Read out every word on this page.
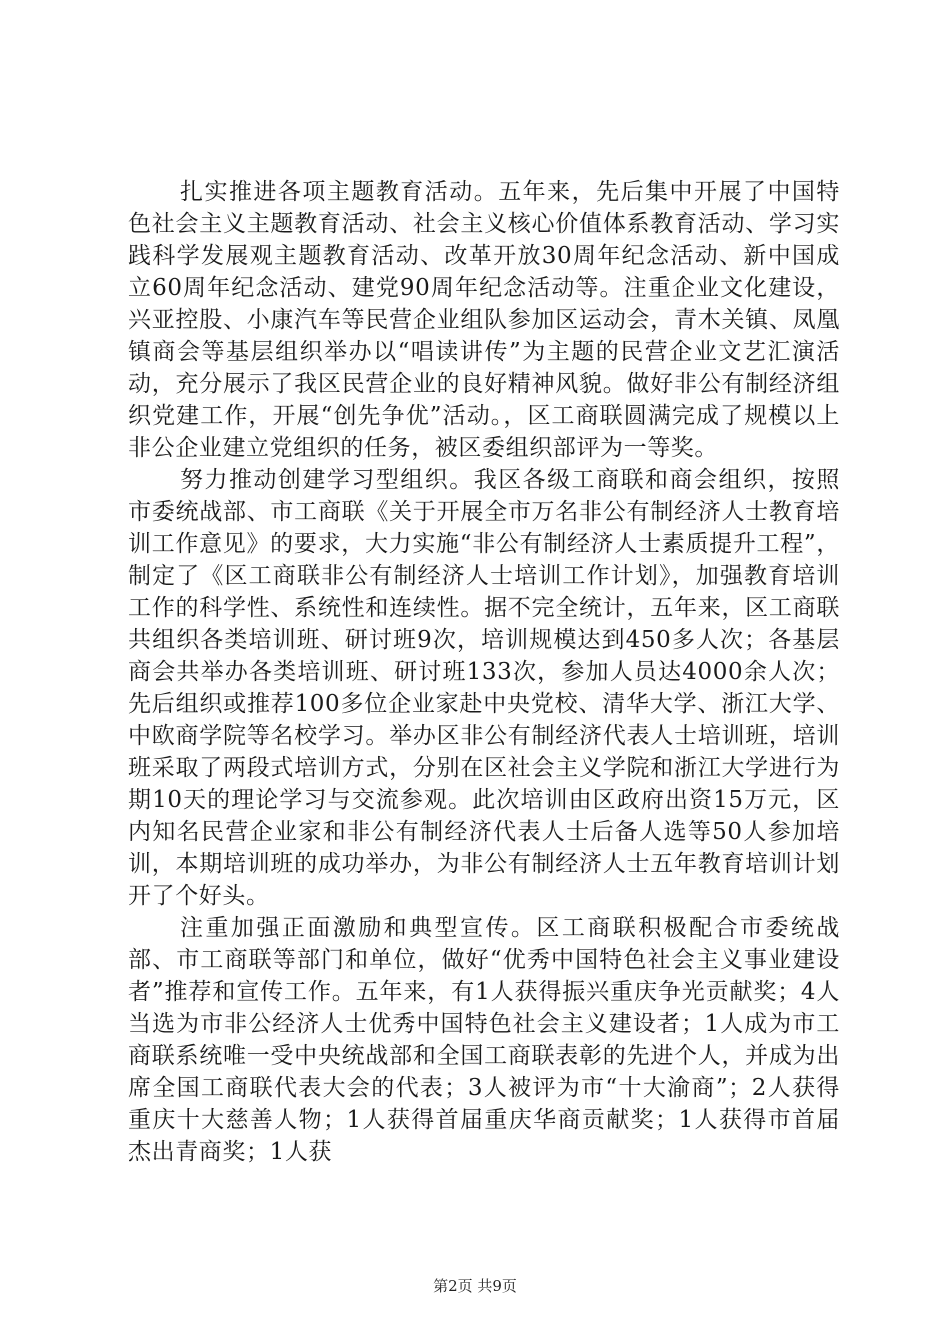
扎实推进各项主题教育活动。五年来，先后集中开展了中国特色社会主义主题教育活动、社会主义核心价值体系教育活动、学习实践科学发展观主题教育活动、改革开放30周年纪念活动、新中国成立60周年纪念活动、建党90周年纪念活动等。注重企业文化建设，兴亚控股、小康汽车等民营企业组队参加区运动会，青木关镇、凤凰镇商会等基层组织举办以“唱读讲传”为主题的民营企业文艺汇演活动，充分展示了我区民营企业的良好精神风貌。做好非公有制经济组织党建工作，开展“创先争优”活动。，区工商联圆满完成了规模以上非公企业建立党组织的任务，被区委组织部评为一等奖。

努力推动创建学习型组织。我区各级工商联和商会组织，按照市委统战部、市工商联《关于开展全市万名非公有制经济人士教育培训工作意见》的要求，大力实施“非公有制经济人士素质提升工程”，制定了《区工商联非公有制经济人士培训工作计划》，加强教育培训工作的科学性、系统性和连续性。据不完全统计，五年来，区工商联共组织各类培训班、研讨班9次，培训规模达到450多人次；各基层商会共举办各类培训班、研讨班133次，参加人员达4000余人次；先后组织或推荐100多位企业家赴中央党校、清华大学、浙江大学、中欧商学院等名校学习。举办区非公有制经济代表人士培训班，培训班采取了两段式培训方式，分别在区社会主义学院和浙江大学进行为期10天的理论学习与交流参观。此次培训由区政府出资15万元，区内知名民营企业家和非公有制经济代表人士后备人选等50人参加培训，本期培训班的成功举办，为非公有制经济人士五年教育培训计划开了个好头。

注重加强正面激励和典型宣传。区工商联积极配合市委统战部、市工商联等部门和单位，做好“优秀中国特色社会主义事业建设者”推荐和宣传工作。五年来，有1人获得振兴重庆争光贡献奖；4人当选为市非公经济人士优秀中国特色社会主义建设者；1人成为市工商联系统唯一受中央统战部和全国工商联表彰的先进个人，并成为出席全国工商联代表大会的代表；3人被评为市“十大渝商”；2人获得重庆十大慈善人物；1人获得首届重庆华商贡献奖；1人获得市首届杰出青商奖；1人获

第2页 共9页
